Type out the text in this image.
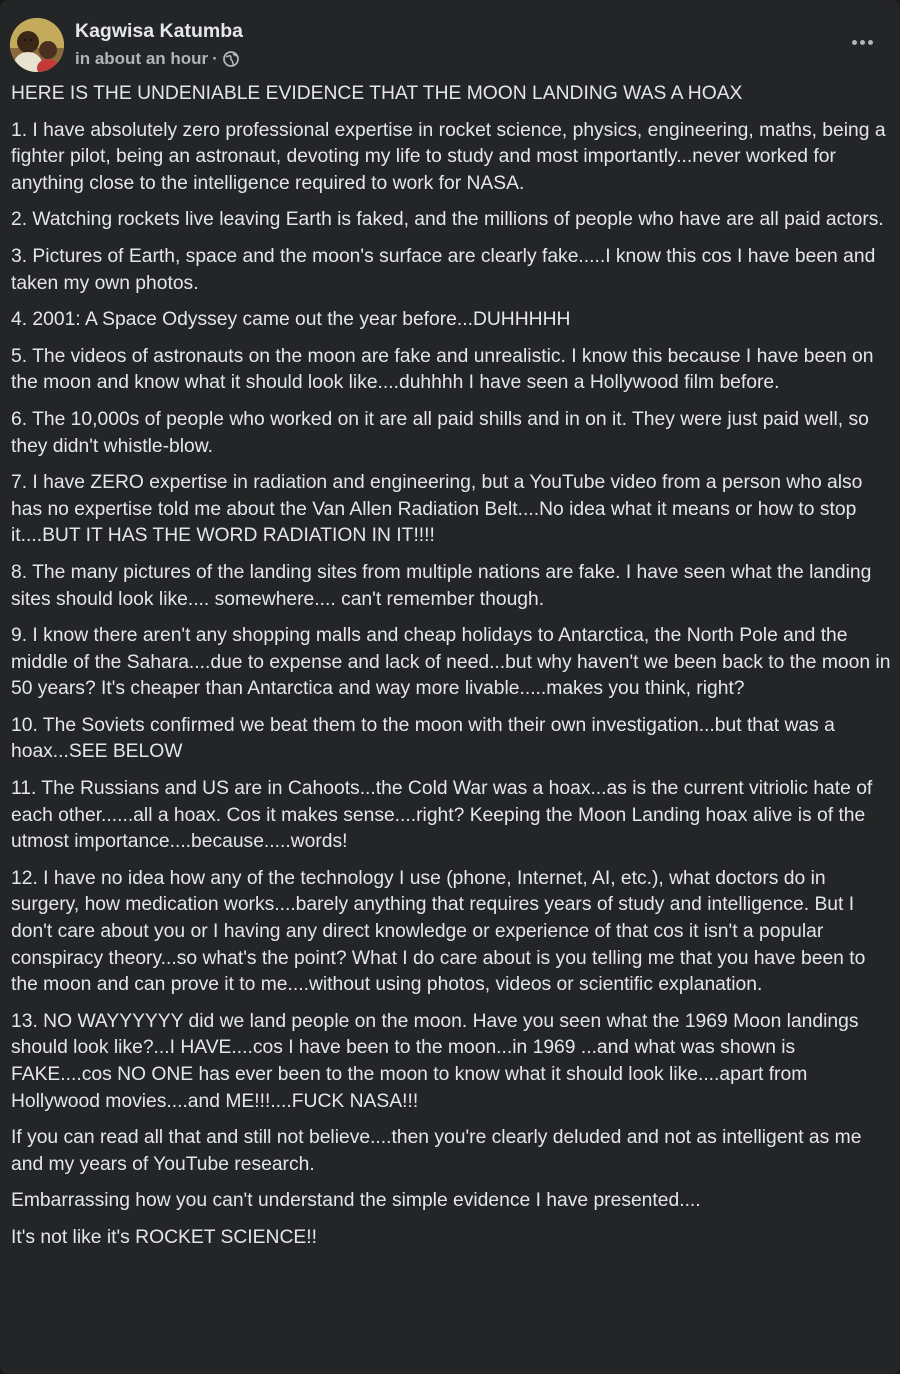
Kagwisa Katumba
in about an hour ·

HERE IS THE UNDENIABLE EVIDENCE THAT THE MOON LANDING WAS A HOAX

1. I have absolutely zero professional expertise in rocket science, physics, engineering, maths, being a fighter pilot, being an astronaut, devoting my life to study and most importantly...never worked for anything close to the intelligence required to work for NASA.

2. Watching rockets live leaving Earth is faked, and the millions of people who have are all paid actors.

3. Pictures of Earth, space and the moon's surface are clearly fake.....I know this cos I have been and taken my own photos.

4. 2001: A Space Odyssey came out the year before...DUHHHHH

5. The videos of astronauts on the moon are fake and unrealistic. I know this because I have been on the moon and know what it should look like....duhhhh I have seen a Hollywood film before.

6. The 10,000s of people who worked on it are all paid shills and in on it. They were just paid well, so they didn't whistle-blow.

7. I have ZERO expertise in radiation and engineering, but a YouTube video from a person who also has no expertise told me about the Van Allen Radiation Belt....No idea what it means or how to stop it....BUT IT HAS THE WORD RADIATION IN IT!!!!

8. The many pictures of the landing sites from multiple nations are fake. I have seen what the landing sites should look like.... somewhere.... can't remember though.

9. I know there aren't any shopping malls and cheap holidays to Antarctica, the North Pole and the middle of the Sahara....due to expense and lack of need...but why haven't we been back to the moon in 50 years? It's cheaper than Antarctica and way more livable.....makes you think, right?

10. The Soviets confirmed we beat them to the moon with their own investigation...but that was a hoax...SEE BELOW

11. The Russians and US are in Cahoots...the Cold War was a hoax...as is the current vitriolic hate of each other......all a hoax. Cos it makes sense....right? Keeping the Moon Landing hoax alive is of the utmost importance....because.....words!

12. I have no idea how any of the technology I use (phone, Internet, AI, etc.), what doctors do in surgery, how medication works....barely anything that requires years of study and intelligence. But I don't care about you or I having any direct knowledge or experience of that cos it isn't a popular conspiracy theory...so what's the point? What I do care about is you telling me that you have been to the moon and can prove it to me....without using photos, videos or scientific explanation.

13. NO WAYYYYYY did we land people on the moon. Have you seen what the 1969 Moon landings should look like?...I HAVE....cos I have been to the moon...in 1969 ...and what was shown is FAKE....cos NO ONE has ever been to the moon to know what it should look like....apart from Hollywood movies....and ME!!!....FUCK NASA!!!

If you can read all that and still not believe....then you're clearly deluded and not as intelligent as me and my years of YouTube research.

Embarrassing how you can't understand the simple evidence I have presented....

It's not like it's ROCKET SCIENCE!!
